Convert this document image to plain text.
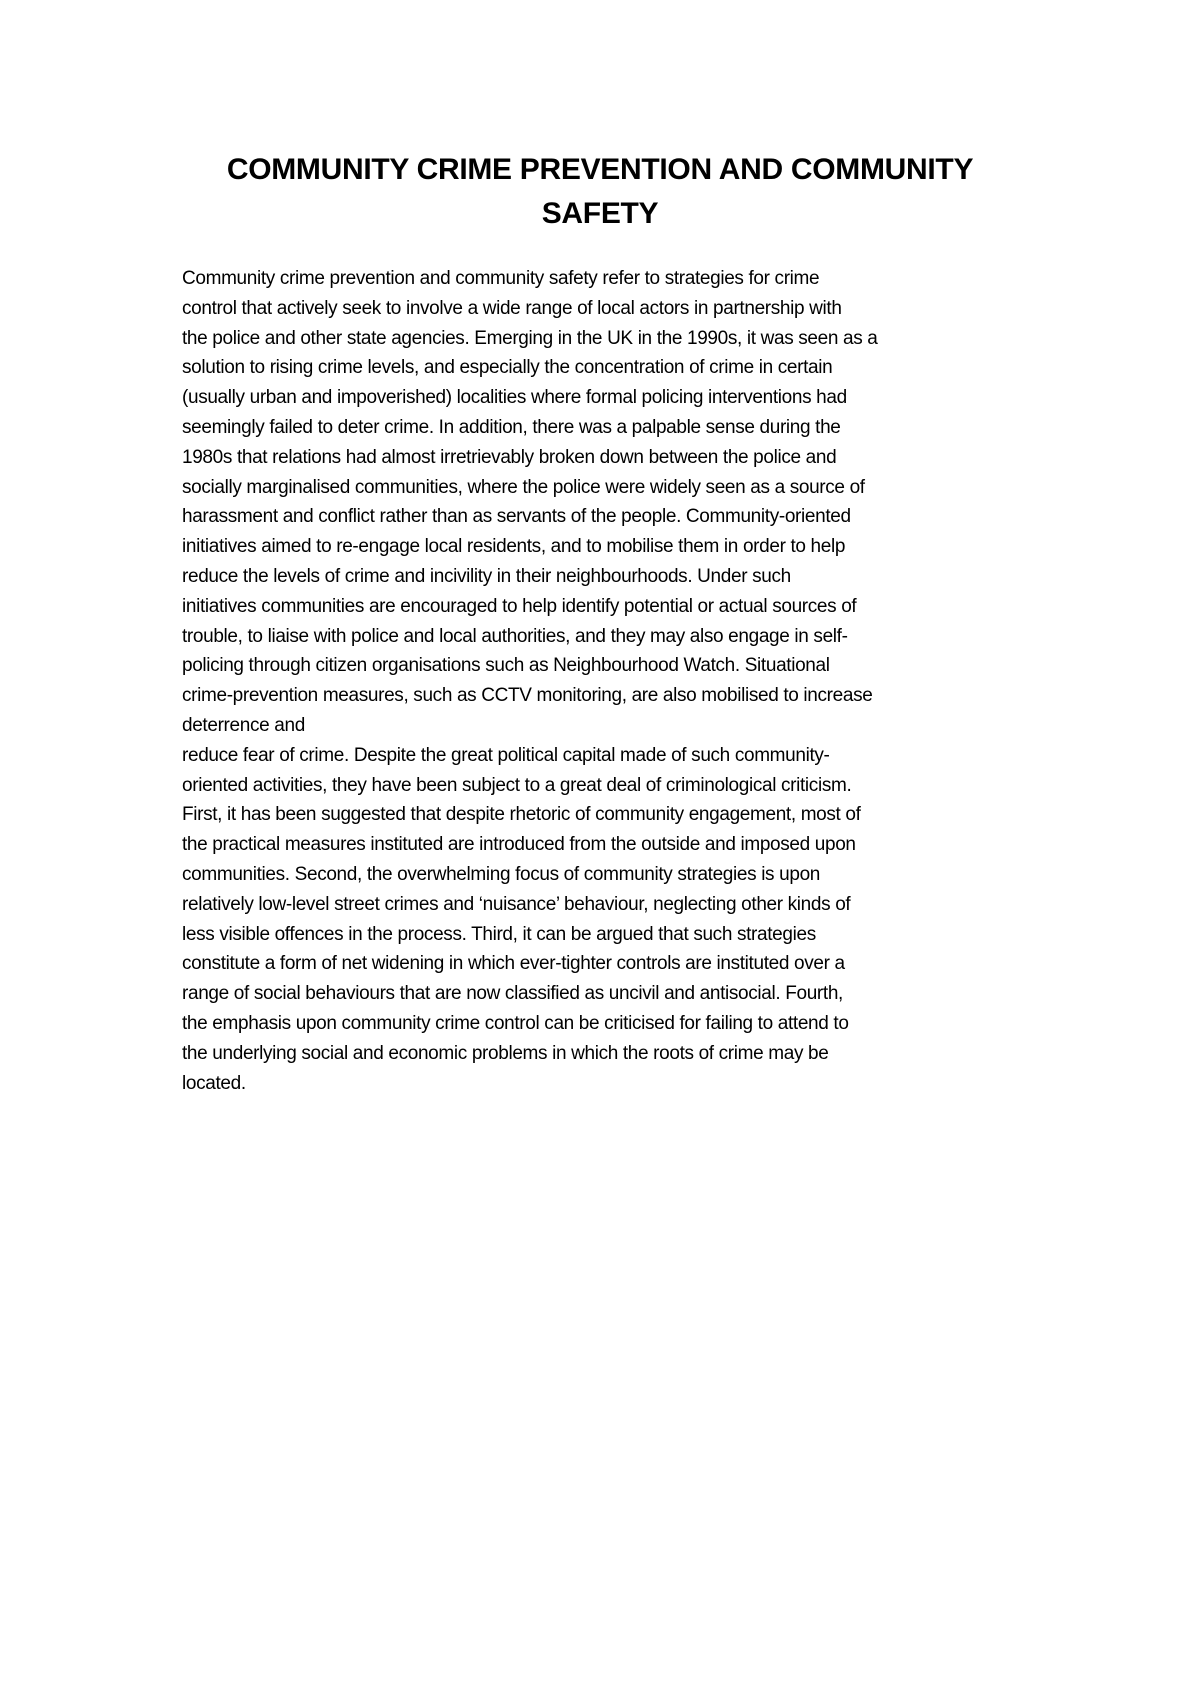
COMMUNITY CRIME PREVENTION AND COMMUNITY
SAFETY
Community crime prevention and community safety refer to strategies for crime
control that actively seek to involve a wide range of local actors in partnership with
the police and other state agencies. Emerging in the UK in the 1990s, it was seen as a
solution to rising crime levels, and especially the concentration of crime in certain
(usually urban and impoverished) localities where formal policing interventions had
seemingly failed to deter crime. In addition, there was a palpable sense during the
1980s that relations had almost irretrievably broken down between the police and
socially marginalised communities, where the police were widely seen as a source of
harassment and conflict rather than as servants of the people. Community-oriented
initiatives aimed to re-engage local residents, and to mobilise them in order to help
reduce the levels of crime and incivility in their neighbourhoods. Under such
initiatives communities are encouraged to help identify potential or actual sources of
trouble, to liaise with police and local authorities, and they may also engage in self-
policing through citizen organisations such as Neighbourhood Watch. Situational
crime-prevention measures, such as CCTV monitoring, are also mobilised to increase
deterrence and
reduce fear of crime. Despite the great political capital made of such community-
oriented activities, they have been subject to a great deal of criminological criticism.
First, it has been suggested that despite rhetoric of community engagement, most of
the practical measures instituted are introduced from the outside and imposed upon
communities. Second, the overwhelming focus of community strategies is upon
relatively low-level street crimes and ‘nuisance’ behaviour, neglecting other kinds of
less visible offences in the process. Third, it can be argued that such strategies
constitute a form of net widening in which ever-tighter controls are instituted over a
range of social behaviours that are now classified as uncivil and antisocial. Fourth,
the emphasis upon community crime control can be criticised for failing to attend to
the underlying social and economic problems in which the roots of crime may be
located.
